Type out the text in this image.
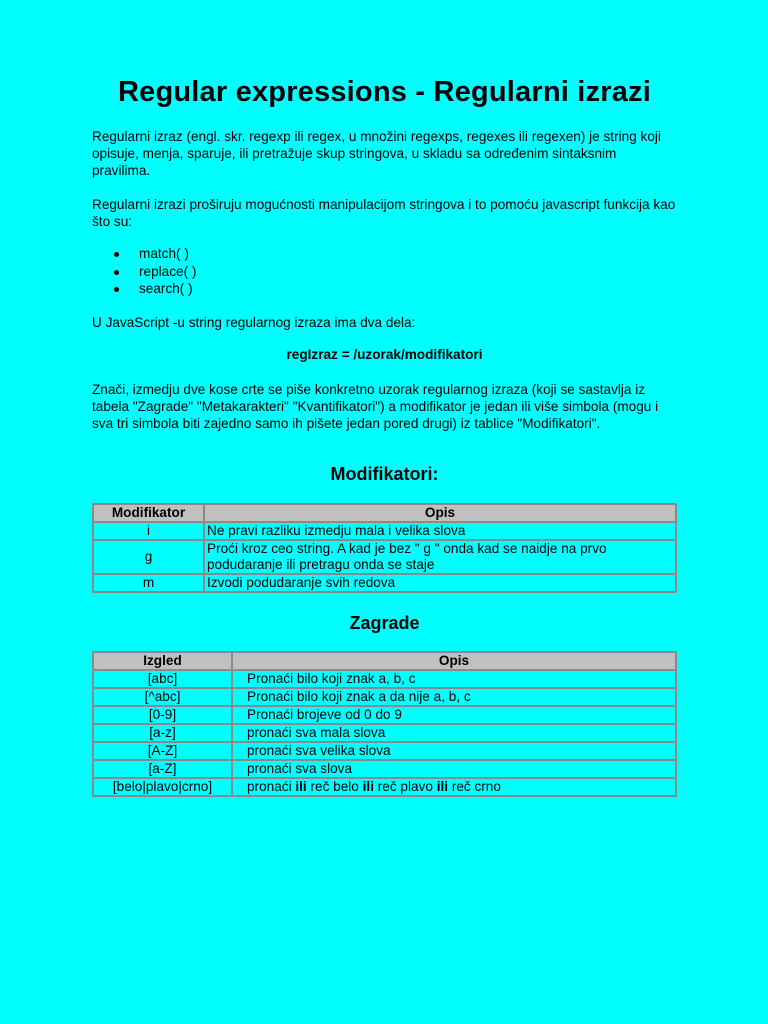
Regular expressions - Regularni izrazi

Regularni izraz (engl. skr. regexp ili regex, u množini regexps, regexes ili regexen) je string koji opisuje, menja, sparuje, ili pretražuje skup stringova, u skladu sa određenim sintaksnim pravilima.

Regularni izrazi proširuju mogućnosti manipulacijom stringova i to pomoću javascript funkcija kao što su:

match( )
replace( )
search( )

U JavaScript -u string regularnog izraza ima dva dela:

regIzraz = /uzorak/modifikatori

Znači, izmedju dve kose crte se piše konkretno uzorak regularnog izraza (koji se sastavlja iz tabela "Zagrade" "Metakarakteri" "Kvantifikatori") a modifikator je jedan ili više simbola (mogu i sva tri simbola biti zajedno samo ih pišete jedan pored drugi) iz tablice "Modifikatori".

Modifikatori:
Modifikator	Opis
i	Ne pravi razliku izmedju mala i velika slova
g	Proći kroz ceo string. A kad je bez " g " onda kad se naidje na prvo podudaranje ili pretragu onda se staje
m	Izvodi podudaranje svih redova
Zagrade
Izgled	Opis
[abc]	Pronaći bilo koji znak a, b, c
[^abc]	Pronaći bilo koji znak a da nije a, b, c
[0-9]	Pronaći brojeve od 0 do 9
[a-z]	pronaći sva mala slova
[A-Z]	pronaći sva velika slova
[a-Z]	pronaći sva slova
[belo|plavo|crno]	pronaći ili reč belo ili reč plavo ili reč crno
